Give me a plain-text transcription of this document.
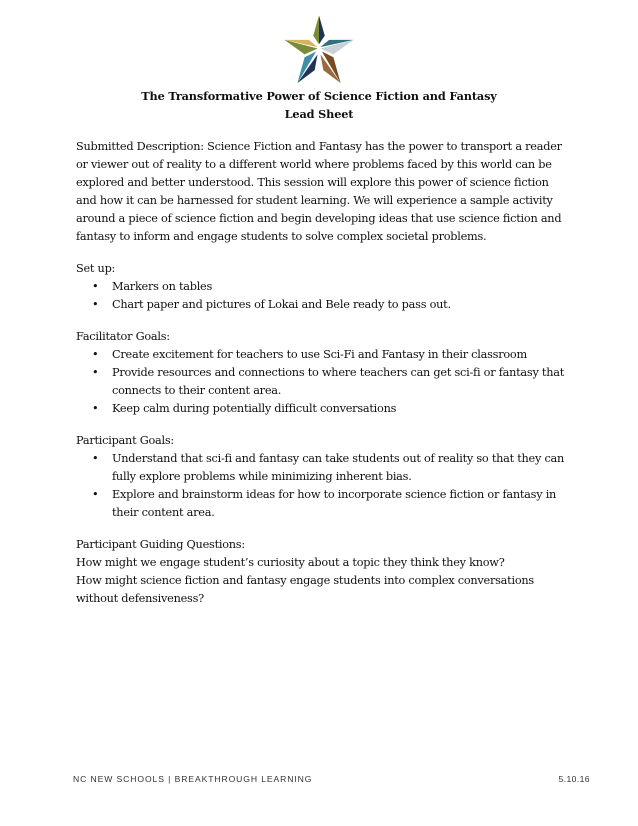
The Transformative Power of Science Fiction and Fantasy
Lead Sheet

Submitted Description: Science Fiction and Fantasy has the power to transport a reader or viewer out of reality to a different world where problems faced by this world can be explored and better understood. This session will explore this power of science fiction and how it can be harnessed for student learning. We will experience a sample activity around a piece of science fiction and begin developing ideas that use science fiction and fantasy to inform and engage students to solve complex societal problems.

Set up:

• Markers on tables
• Chart paper and pictures of Lokai and Bele ready to pass out.

Facilitator Goals:

• Create excitement for teachers to use Sci-Fi and Fantasy in their classroom
• Provide resources and connections to where teachers can get sci-fi or fantasy that connects to their content area.
• Keep calm during potentially difficult conversations

Participant Goals:

• Understand that sci-fi and fantasy can take students out of reality so that they can fully explore problems while minimizing inherent bias.
• Explore and brainstorm ideas for how to incorporate science fiction or fantasy in their content area.

Participant Guiding Questions:

How might we engage student’s curiosity about a topic they think they know?

How might science fiction and fantasy engage students into complex conversations without defensiveness?

NC NEW SCHOOLS | BREAKTHROUGH LEARNING	5.10.16
